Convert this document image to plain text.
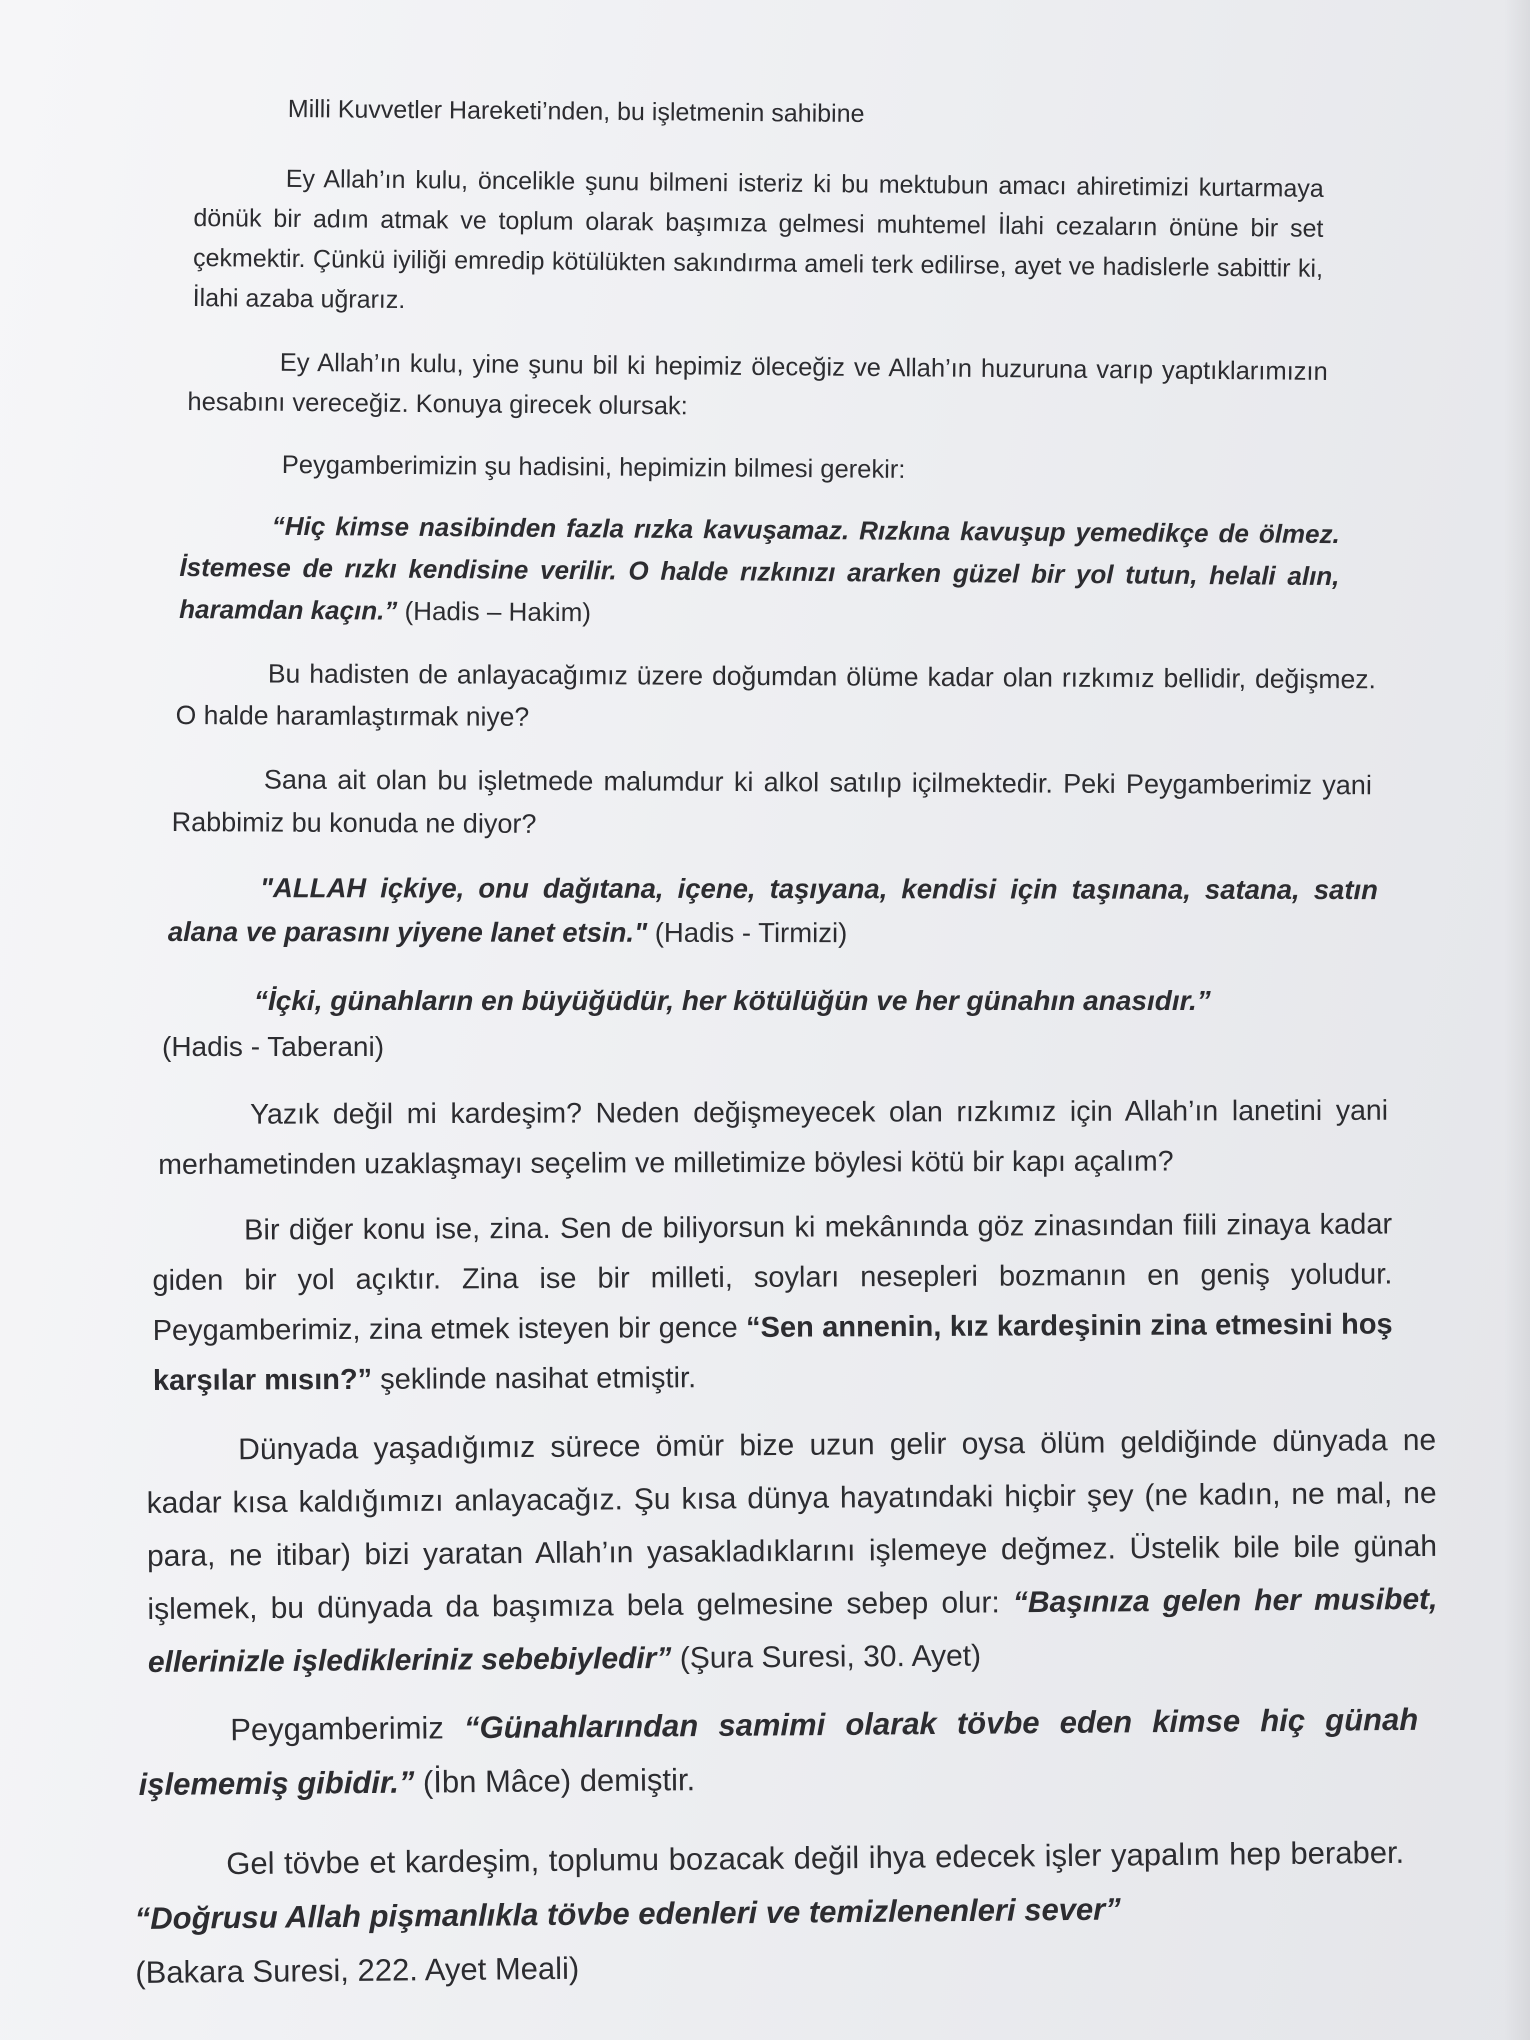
Milli Kuvvetler Hareketi’nden, bu işletmenin sahibine

Ey Allah’ın kulu, öncelikle şunu bilmeni isteriz ki bu mektubun amacı ahiretimizi kurtarmaya dönük bir adım atmak ve toplum olarak başımıza gelmesi muhtemel İlahi cezaların önüne bir set çekmektir. Çünkü iyiliği emredip kötülükten sakındırma ameli terk edilirse, ayet ve hadislerle sabittir ki, İlahi azaba uğrarız.

Ey Allah’ın kulu, yine şunu bil ki hepimiz öleceğiz ve Allah’ın huzuruna varıp yaptıklarımızın hesabını vereceğiz. Konuya girecek olursak:

Peygamberimizin şu hadisini, hepimizin bilmesi gerekir:

“Hiç kimse nasibinden fazla rızka kavuşamaz. Rızkına kavuşup yemedikçe de ölmez. İstemese de rızkı kendisine verilir. O halde rızkınızı ararken güzel bir yol tutun, helali alın, haramdan kaçın.” (Hadis – Hakim)

Bu hadisten de anlayacağımız üzere doğumdan ölüme kadar olan rızkımız bellidir, değişmez. O halde haramlaştırmak niye?

Sana ait olan bu işletmede malumdur ki alkol satılıp içilmektedir. Peki Peygamberimiz yani Rabbimiz bu konuda ne diyor?

"ALLAH içkiye, onu dağıtana, içene, taşıyana, kendisi için taşınana, satana, satın alana ve parasını yiyene lanet etsin." (Hadis - Tirmizi)

“İçki, günahların en büyüğüdür, her kötülüğün ve her günahın anasıdır.”
(Hadis - Taberani)

Yazık değil mi kardeşim? Neden değişmeyecek olan rızkımız için Allah’ın lanetini yani merhametinden uzaklaşmayı seçelim ve milletimize böylesi kötü bir kapı açalım?

Bir diğer konu ise, zina. Sen de biliyorsun ki mekânında göz zinasından fiili zinaya kadar giden bir yol açıktır. Zina ise bir milleti, soyları nesepleri bozmanın en geniş yoludur. Peygamberimiz, zina etmek isteyen bir gence “Sen annenin, kız kardeşinin zina etmesini hoş karşılar mısın?” şeklinde nasihat etmiştir.

Dünyada yaşadığımız sürece ömür bize uzun gelir oysa ölüm geldiğinde dünyada ne kadar kısa kaldığımızı anlayacağız. Şu kısa dünya hayatındaki hiçbir şey (ne kadın, ne mal, ne para, ne itibar) bizi yaratan Allah’ın yasakladıklarını işlemeye değmez. Üstelik bile bile günah işlemek, bu dünyada da başımıza bela gelmesine sebep olur: “Başınıza gelen her musibet, ellerinizle işledikleriniz sebebiyledir” (Şura Suresi, 30. Ayet)

Peygamberimiz “Günahlarından samimi olarak tövbe eden kimse hiç günah işlememiş gibidir.” (İbn Mâce) demiştir.

Gel tövbe et kardeşim, toplumu bozacak değil ihya edecek işler yapalım hep beraber. “Doğrusu Allah pişmanlıkla tövbe edenleri ve temizlenenleri sever”
(Bakara Suresi, 222. Ayet Meali)
